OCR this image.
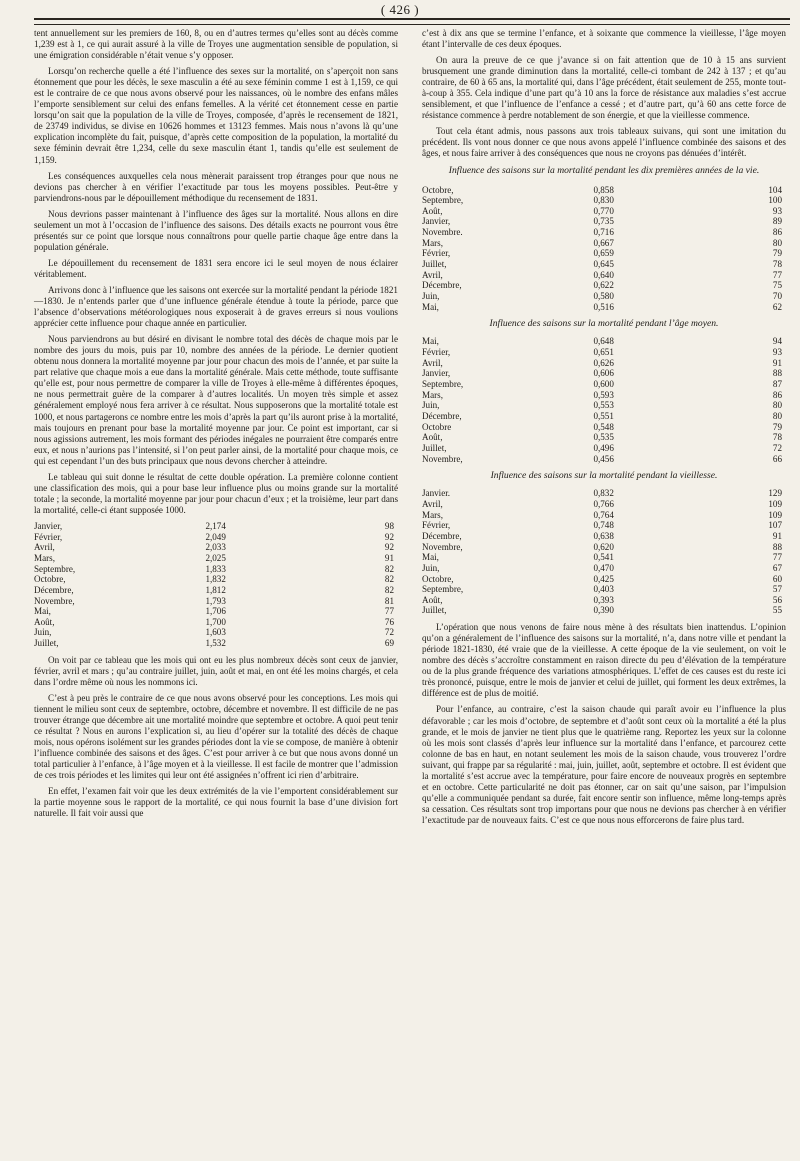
( 426 )

tent annuellement sur les premiers de 160, 8, ou en d’autres termes qu’elles sont au décès comme 1,239 est à 1, ce qui aurait assuré à la ville de Troyes une augmentation sensible de population, si une émigration considérable n’était venue s’y opposer.

Lorsqu’on recherche quelle a été l’influence des sexes sur la mortalité, on s’aperçoit non sans étonnement que pour les décès, le sexe masculin a été au sexe féminin comme 1 est à 1,159, ce qui est le contraire de ce que nous avons observé pour les naissances, où le nombre des enfans mâles l’emporte sensiblement sur celui des enfans femelles. A la vérité cet étonnement cesse en partie lorsqu’on sait que la population de la ville de Troyes, composée, d’après le recensement de 1821, de 23749 individus, se divise en 10626 hommes et 13123 femmes. Mais nous n’avons là qu’une explication incomplète du fait, puisque, d’après cette composition de la population, la mortalité du sexe féminin devrait être 1,234, celle du sexe masculin étant 1, tandis qu’elle est seulement de 1,159.

Les conséquences auxquelles cela nous mènerait paraissent trop étranges pour que nous ne devions pas chercher à en vérifier l’exactitude par tous les moyens possibles. Peut-être y parviendrons-nous par le dépouillement méthodique du recensement de 1831.

Nous devrions passer maintenant à l’influence des âges sur la mortalité. Nous allons en dire seulement un mot à l’occasion de l’influence des saisons. Des détails exacts ne pourront vous être présentés sur ce point que lorsque nous connaîtrons pour quelle partie chaque âge entre dans la population générale.

Le dépouillement du recensement de 1831 sera encore ici le seul moyen de nous éclairer véritablement.

Arrivons donc à l’influence que les saisons ont exercée sur la mortalité pendant la période 1821—1830. Je n’entends parler que d’une influence générale étendue à toute la période, parce que l’absence d’observations météorologiques nous exposerait à de graves erreurs si nous voulions apprécier cette influence pour chaque année en particulier.

Nous parviendrons au but désiré en divisant le nombre total des décès de chaque mois par le nombre des jours du mois, puis par 10, nombre des années de la période. Le dernier quotient obtenu nous donnera la mortalité moyenne par jour pour chacun des mois de l’année, et par suite la part relative que chaque mois a eue dans la mortalité générale. Mais cette méthode, toute suffisante qu’elle est, pour nous permettre de comparer la ville de Troyes à elle-même à différentes époques, ne nous permettrait guère de la comparer à d’autres localités. Un moyen très simple et assez généralement employé nous fera arriver à ce résultat. Nous supposerons que la mortalité totale est 1000, et nous partagerons ce nombre entre les mois d’après la part qu’ils auront prise à la mortalité, mais toujours en prenant pour base la mortalité moyenne par jour. Ce point est important, car si nous agissions autrement, les mois formant des périodes inégales ne pourraient être comparés entre eux, et nous n’aurions pas l’intensité, si l’on peut parler ainsi, de la mortalité pour chaque mois, ce qui est cependant l’un des buts principaux que nous devons chercher à atteindre.

Le tableau qui suit donne le résultat de cette double opération. La première colonne contient une classification des mois, qui a pour base leur influence plus ou moins grande sur la mortalité totale ; la seconde, la mortalité moyenne par jour pour chacun d’eux ; et la troisième, leur part dans la mortalité, celle-ci étant supposée 1000.

Janvier,	2,174	98
Février,	2,049	92
Avril,	2,033	92
Mars,	2,025	91
Septembre,	1,833	82
Octobre,	1,832	82
Décembre,	1,812	82
Novembre,	1,793	81
Mai,	1,706	77
Août,	1,700	76
Juin,	1,603	72
Juillet,	1,532	69

On voit par ce tableau que les mois qui ont eu les plus nombreux décès sont ceux de janvier, février, avril et mars ; qu’au contraire juillet, juin, août et mai, en ont été les moins chargés, et cela dans l’ordre même où nous les nommons ici.

C’est à peu près le contraire de ce que nous avons observé pour les conceptions. Les mois qui tiennent le milieu sont ceux de septembre, octobre, décembre et novembre. Il est difficile de ne pas trouver étrange que décembre ait une mortalité moindre que septembre et octobre. A quoi peut tenir ce résultat ? Nous en aurons l’explication si, au lieu d’opérer sur la totalité des décès de chaque mois, nous opérons isolément sur les grandes périodes dont la vie se compose, de manière à obtenir l’influence combinée des saisons et des âges. C’est pour arriver à ce but que nous avons donné un total particulier à l’enfance, à l’âge moyen et à la vieillesse. Il est facile de montrer que l’admission de ces trois périodes et les limites qui leur ont été assignées n’offrent ici rien d’arbitraire.

En effet, l’examen fait voir que les deux extrémités de la vie l’emportent considérablement sur la partie moyenne sous le rapport de la mortalité, ce qui nous fournit la base d’une division fort naturelle. Il fait voir aussi que

c’est à dix ans que se termine l’enfance, et à soixante que commence la vieillesse, l’âge moyen étant l’intervalle de ces deux époques.

On aura la preuve de ce que j’avance si on fait attention que de 10 à 15 ans survient brusquement une grande diminution dans la mortalité, celle-ci tombant de 242 à 137 ; et qu’au contraire, de 60 à 65 ans, la mortalité qui, dans l’âge précédent, était seulement de 255, monte tout-à-coup à 355. Cela indique d’une part qu’à 10 ans la force de résistance aux maladies s’est accrue sensiblement, et que l’influence de l’enfance a cessé ; et d’autre part, qu’à 60 ans cette force de résistance commence à perdre notablement de son énergie, et que la vieillesse commence.

Tout cela étant admis, nous passons aux trois tableaux suivans, qui sont une imitation du précédent. Ils vont nous donner ce que nous avons appelé l’influence combinée des saisons et des âges, et nous faire arriver à des conséquences que nous ne croyons pas dénuées d’intérêt.

Influence des saisons sur la mortalité pendant les dix premières années de la vie.
Octobre,	0,858	104
Septembre,	0,830	100
Août,	0,770	93
Janvier,	0,735	89
Novembre.	0,716	86
Mars,	0,667	80
Février,	0,659	79
Juillet,	0,645	78
Avril,	0,640	77
Décembre,	0,622	75
Juin,	0,580	70
Mai,	0,516	62
Influence des saisons sur la mortalité pendant l’âge moyen.
Mai,	0,648	94
Février,	0,651	93
Avril,	0,626	91
Janvier,	0,606	88
Septembre,	0,600	87
Mars,	0,593	86
Juin,	0,553	80
Décembre,	0,551	80
Octobre	0,548	79
Août,	0,535	78
Juillet,	0,496	72
Novembre,	0,456	66
Influence des saisons sur la mortalité pendant la vieillesse.
Janvier.	0,832	129
Avril,	0,766	109
Mars,	0,764	109
Février,	0,748	107
Décembre,	0,638	91
Novembre,	0,620	88
Mai,	0,541	77
Juin,	0,470	67
Octobre,	0,425	60
Septembre,	0,403	57
Août,	0,393	56
Juillet,	0,390	55

L’opération que nous venons de faire nous mène à des résultats bien inattendus. L’opinion qu’on a généralement de l’influence des saisons sur la mortalité, n’a, dans notre ville et pendant la période 1821-1830, été vraie que de la vieillesse. A cette époque de la vie seulement, on voit le nombre des décès s’accroître constamment en raison directe du peu d’élévation de la température ou de la plus grande fréquence des variations atmosphériques. L’effet de ces causes est du reste ici très prononcé, puisque, entre le mois de janvier et celui de juillet, qui forment les deux extrêmes, la différence est de plus de moitié.

Pour l’enfance, au contraire, c’est la saison chaude qui paraît avoir eu l’influence la plus défavorable ; car les mois d’octobre, de septembre et d’août sont ceux où la mortalité a été la plus grande, et le mois de janvier ne tient plus que le quatrième rang. Reportez les yeux sur la colonne où les mois sont classés d’après leur influence sur la mortalité dans l’enfance, et parcourez cette colonne de bas en haut, en notant seulement les mois de la saison chaude, vous trouverez l’ordre suivant, qui frappe par sa régularité : mai, juin, juillet, août, septembre et octobre. Il est évident que la mortalité s’est accrue avec la température, pour faire encore de nouveaux progrès en septembre et en octobre. Cette particularité ne doit pas étonner, car on sait qu’une saison, par l’impulsion qu’elle a communiquée pendant sa durée, fait encore sentir son influence, même long-temps après sa cessation. Ces résultats sont trop importans pour que nous ne devions pas chercher à en vérifier l’exactitude par de nouveaux faits. C’est ce que nous nous efforcerons de faire plus tard.
